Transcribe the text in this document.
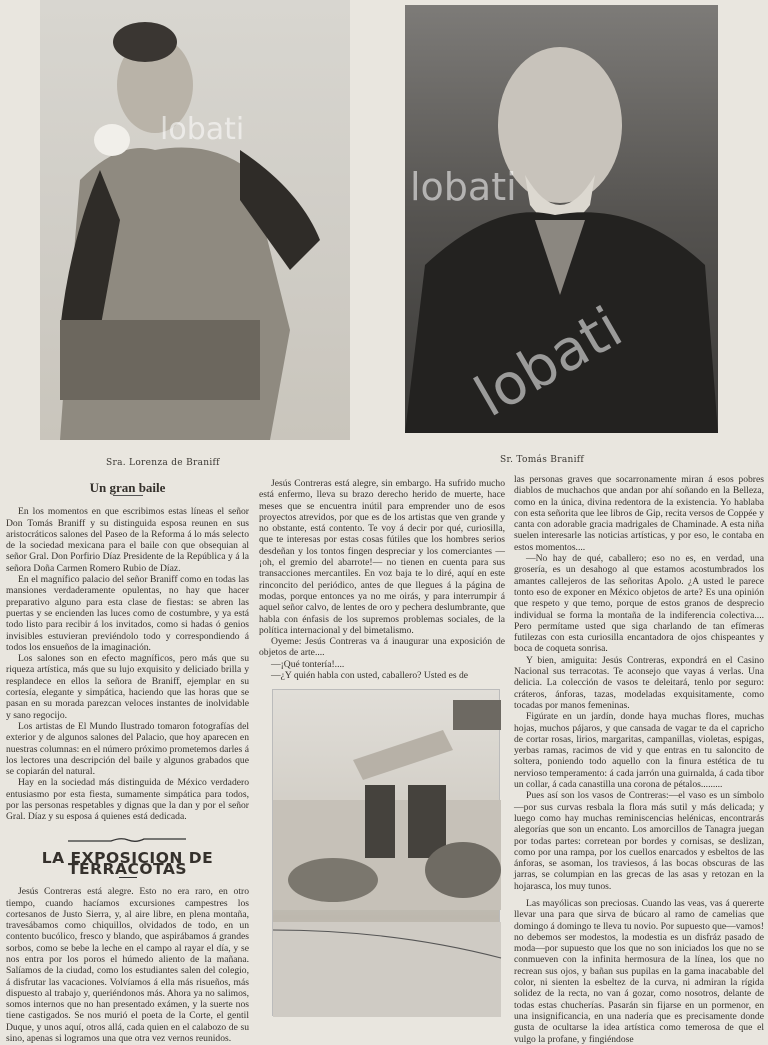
lobati
lobati
lobati
Sra. Lorenza de Braniff	Sr. Tomás Braniff
Un gran baile

En los momentos en que escribimos estas líneas el señor Don Tomás Braniff y su distinguida esposa reunen en sus aristocráticos salones del Paseo de la Reforma á lo más selecto de la sociedad mexicana para el baile con que obsequian al señor Gral. Don Porfirio Díaz Presidente de la República y á la señora Doña Carmen Romero Rubio de Díaz.

En el magnífico palacio del señor Braniff como en todas las mansiones verdaderamente opulentas, no hay que hacer preparativo alguno para esta clase de fiestas: se abren las puertas y se encienden las luces como de costumbre, y ya está todo listo para recibir á los invitados, como si hadas ó genios invisibles estuvieran previéndolo todo y correspondiendo á todos los ensueños de la imaginación.

Los salones son en efecto magníficos, pero más que su riqueza artística, más que su lujo exquisito y deliciado brilla y resplandece en ellos la señora de Braniff, ejemplar en su cortesía, elegante y simpática, haciendo que las horas que se pasan en su morada parezcan veloces instantes de inolvidable y sano regocijo.

Los artistas de El Mundo Ilustrado tomaron fotografías del exterior y de algunos salones del Palacio, que hoy aparecen en nuestras columnas: en el número próximo prometemos darles á los lectores una descripción del baile y algunos grabados que se copiarán del natural.

Hay en la sociedad más distinguida de México verdadero entusiasmo por esta fiesta, sumamente simpática para todos, por las personas respetables y dignas que la dan y por el señor Gral. Díaz y su esposa á quienes está dedicada.

LA EXPOSICION DE TERRACOTAS

Jesús Contreras está alegre. Esto no era raro, en otro tiempo, cuando hacíamos excursiones campestres los cortesanos de Justo Sierra, y, al aire libre, en plena montaña, travesábamos como chiquillos, olvidados de todo, en un contento bucólico, fresco y blando, que aspirábamos á grandes sorbos, como se bebe la leche en el campo al rayar el día, y se nos entra por los poros el húmedo aliento de la mañana. Salíamos de la ciudad, como los estudiantes salen del colegio, á disfrutar las vacaciones. Volvíamos á ella más risueños, más dispuesto al trabajo y, queriéndonos más. Ahora ya no salimos, somos internos que no han presentado exámen, y la suerte nos tiene castigados. Se nos murió el poeta de la Corte, el gentil Duque, y unos aquí, otros allá, cada quien en el calabozo de su sino, apenas si logramos una que otra vez vernos reunidos.

Jesús Contreras está alegre, sin embargo. Ha sufrido mucho está enfermo, lleva su brazo derecho herido de muerte, hace meses que se encuentra inútil para emprender uno de esos proyectos atrevidos, por que es de los artistas que ven grande y no obstante, está contento. Te voy á decir por qué, curiosilla, que te interesas por estas cosas fútiles que los hombres serios desdeñan y los tontos fingen despreciar y los comerciantes —¡oh, el gremio del abarrote!— no tienen en cuenta para sus transacciones mercantiles. En voz baja te lo diré, aquí en este rinconcito del periódico, antes de que llegues á la página de modas, porque entonces ya no me oirás, y para interrumpir á aquel señor calvo, de lentes de oro y pechera deslumbrante, que habla con énfasis de los supremos problemas sociales, de la política internacional y del bimetalismo.

Oyeme: Jesús Contreras va á inaugurar una exposición de objetos de arte....

—¡Qué tontería!....

—¿Y quién habla con usted, caballero? Usted es de

las personas graves que socarronamente miran á esos pobres diablos de muchachos que andan por ahí soñando en la Belleza, como en la única, divina redentora de la existencia. Yo hablaba con esta señorita que lee libros de Gip, recita versos de Coppée y canta con adorable gracia madrigales de Chaminade. A esta niña suelen interesarle las noticias artísticas, y por eso, le contaba en estos momentos....

—No hay de qué, caballero; eso no es, en verdad, una grosería, es un desahogo al que estamos acostumbrados los amantes callejeros de las señoritas Apolo. ¿A usted le parece tonto eso de exponer en México objetos de arte? Es una opinión que respeto y que temo, porque de estos granos de desprecio individual se forma la montaña de la indiferencia colectiva.... Pero permítame usted que siga charlando de tan efímeras futilezas con esta curiosilla encantadora de ojos chispeantes y boca de coqueta sonrisa.

Y bien, amiguita: Jesús Contreras, expondrá en el Casino Nacional sus terracotas. Te aconsejo que vayas á verlas. Una delicia. La colección de vasos te deleitará, tenlo por seguro: cráteros, ánforas, tazas, modeladas exquisitamente, como tocadas por manos femeninas.

Figúrate en un jardín, donde haya muchas flores, muchas hojas, muchos pájaros, y que cansada de vagar te da el capricho de cortar rosas, lirios, margaritas, campanillas, violetas, espigas, yerbas ramas, racimos de vid y que entras en tu saloncito de soltera, poniendo todo aquello con la finura estética de tu nervioso temperamento: á cada jarrón una guirnalda, á cada tibor un collar, á cada canastilla una corona de pétalos.........

Pues así son los vasos de Contreras:—el vaso es un símbolo—por sus curvas resbala la flora más sutil y más delicada; y luego como hay muchas reminiscencias helénicas, encontrarás alegorías que son un encanto. Los amorcillos de Tanagra juegan por todas partes: corretean por bordes y cornisas, se deslizan, como por una rampa, por los cuellos enarcados y esbeltos de las ánforas, se asoman, los traviesos, á las bocas obscuras de las jarras, se columpian en las grecas de las asas y retozan en la hojarasca, los muy tunos.

Las mayólicas son preciosas. Cuando las veas, vas á quererte llevar una para que sirva de búcaro al ramo de camelias que domingo á domingo te lleva tu novio. Por supuesto que—vamos! no debemos ser modestos, la modestia es un disfráz pasado de moda—por supuesto que los que no son iniciados los que no se conmueven con la infinita hermosura de la línea, los que no recrean sus ojos, y bañan sus pupilas en la gama inacabable del color, ni sienten la esbeltez de la curva, ni admiran la rígida solidez de la recta, no van á gozar, como nosotros, delante de todas estas chucherías. Pasarán sin fijarse en un pormenor, en una insignificancia, en una nadería que es precisamente donde gusta de ocultarse la idea artística como temerosa de que el vulgo la profane, y fingiéndose
